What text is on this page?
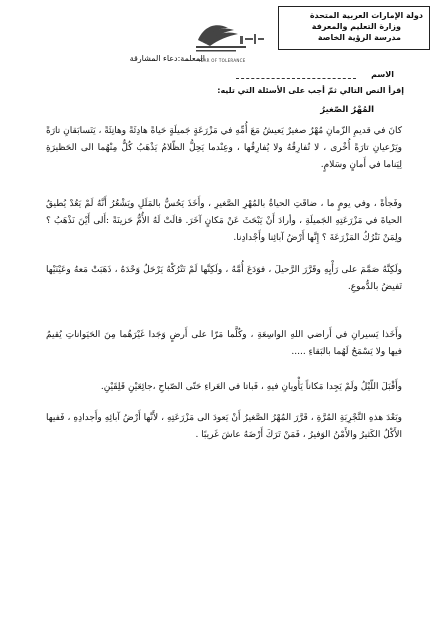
دولة الإمارات العربية المتحدة
وزارة التعليم والمعرفة
مدرسة الرؤية الخاصة
YEAR OF TOLERANCE
المعلمة:دعاء المشارقة
الاسم
إقرأ النص التالي ثمّ أجب على الأسئلة التي تليه:
المُهْرُ الصّغيرُ
كانَ في قديمِ الزّمانِ مُهْرٌ صغيرٌ يَعيشُ مَعَ أُمِّهِ في مَزْرَعَةٍ جَميلَةٍ حَياةً هادِئَةً وهانِئَةً ، يَتَسابَقانِ تارَةً ويَرْعيانِ تارَةً أُخْرى ، لا تُفارِقُهُ ولا يُفارِقُها ، وعِنْدما يَحِلُّ الظّلامُ يَذْهَبُ كُلٌّ مِنْهُما الى الحَظيرَةِ لِيَناما في أَمانٍ وسَلامٍ.
وفَجأةً ، وفي يومٍ ما ، ضاقَتِ الحياةُ بالمُهْرِ الصَّغيرِ ، وأَخَذَ يَحُسُّ بالمَلَلِ ويَشْعُرُ أَنَّهُ لَمْ يَعُدْ يُطيقُ الحياةَ في مَزْرَعَتِهِ الجَميلَةِ ، وأرادَ أَنْ يَبْحَثَ عَنْ مَكانٍ آخَرَ. قالَتْ لَهُ الأُمُّ حَزينَةً :أَلى أَيْنَ نَذْهَبُ ؟ولِمَنْ نَتْرُكُ المَزْرَعَةَ ؟ إِنَّها أَرْضُ آبائِنا وأَجْدادِنا.
ولَكِنَّهُ صَمَّمَ على رَأْيِهِ وقَرَّرَ الرَّحيلَ ، فوَدَعَ أُمَّهُ ، ولَكِنَّها لَمْ تَتْرُكْهُ يَرْحَلُ وَحْدَهُ ، ذَهَبَتْ مَعهُ وعَيْنَيْها تَفيضُ بالدُّموعِ.
وأَخَذا يَسيرانِ في أَراضي اللهِ الواسِعَةِ ، وكُلَّما مَرّا على أَرضٍ وَجَدا غَيْرَهُما مِنَ الحَيَواناتِ يُقيمُ فيها ولا يَسْمَحُ لَهُما بالبَقاءِ .....
وأَقْبَلَ اللّيْلُ ولَمْ يَجِدا مَكاناً يَأْويانِ فيهِ ، فَباتا في العَراءِ حَتّى الصّباحِ ،جائِعَيْنِ قَلِقَيْنِ.
وبَعْدَ هذهِ التَّجْرِبَةِ المُرَّةِ ، قَرَّرَ المُهْرُ الصَّغيرُ أَنْ يَعودَ الى مَزْرَعَتِهِ ، لأَنَّها أَرْضُ آبائِهِ وأَجدادِهِ ، فَفيها الأَكْلُ الكَثيرُ والأَمْنُ الوَفيرُ ، فَمَنْ تَرَكَ أَرْضَهُ عاشَ غَريبًا .
